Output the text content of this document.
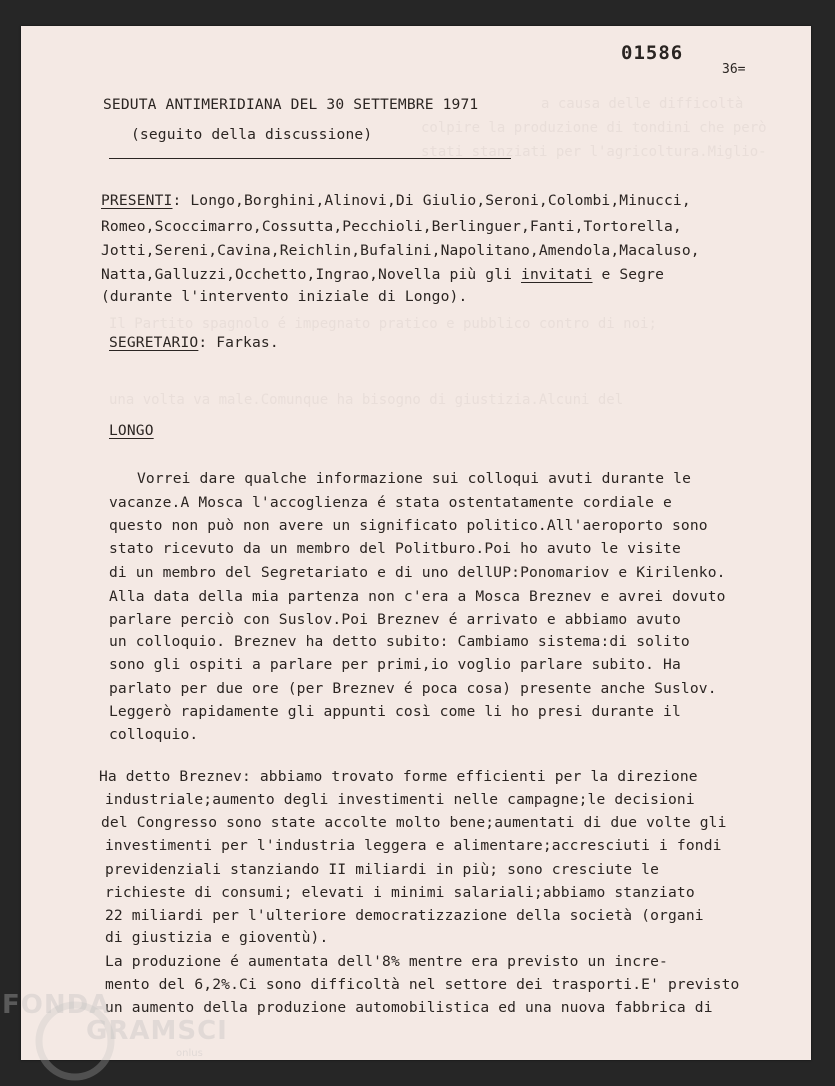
a causa delle difficoltà
colpire la produzione di tondini che però
stati stanziati per l'agricoltura.Miglio-
Il Partito spagnolo é impegnato pratico e pubblico contro di noi;
una volta va male.Comunque ha bisogno di giustizia.Alcuni del
01586
36=
SEDUTA ANTIMERIDIANA DEL 30 SETTEMBRE 1971
(seguito della discussione)
PRESENTI: Longo,Borghini,Alinovi,Di Giulio,Seroni,Colombi,Minucci,
Romeo,Scoccimarro,Cossutta,Pecchioli,Berlinguer,Fanti,Tortorella,
Jotti,Sereni,Cavina,Reichlin,Bufalini,Napolitano,Amendola,Macaluso,
Natta,Galluzzi,Occhetto,Ingrao,Novella più gli invitati e Segre
(durante l'intervento iniziale di Longo).
SEGRETARIO: Farkas.
LONGO
Vorrei dare qualche informazione sui colloqui avuti durante le
vacanze.A Mosca l'accoglienza é stata ostentatamente cordiale e
questo non può non avere un significato politico.All'aeroporto sono
stato ricevuto da un membro del Politburo.Poi ho avuto le visite
di un membro del Segretariato e di uno dellUP:Ponomariov e Kirilenko.
Alla data della mia partenza non c'era a Mosca Breznev e avrei dovuto
parlare perciò con Suslov.Poi Breznev é arrivato e abbiamo avuto
un colloquio. Breznev ha detto subito: Cambiamo sistema:di solito
sono gli ospiti a parlare per primi,io voglio parlare subito. Ha
parlato per due ore (per Breznev é poca cosa) presente anche Suslov.
Leggerò rapidamente gli appunti così come li ho presi durante il
colloquio.
Ha detto Breznev: abbiamo trovato forme efficienti per la direzione
industriale;aumento degli investimenti nelle campagne;le decisioni
del Congresso sono state accolte molto bene;aumentati di due volte gli
investimenti per l'industria leggera e alimentare;accresciuti i fondi
previdenziali stanziando II miliardi in più; sono cresciute le
richieste di consumi; elevati i minimi salariali;abbiamo stanziato
22 miliardi per l'ulteriore democratizzazione della società (organi
di giustizia e gioventù).
La produzione é aumentata dell'8% mentre era previsto un incre-
mento del 6,2%.Ci sono difficoltà nel settore dei trasporti.E' previsto
un aumento della produzione automobilistica ed una nuova fabbrica di
FONDA
GRAMSCI
onlus
